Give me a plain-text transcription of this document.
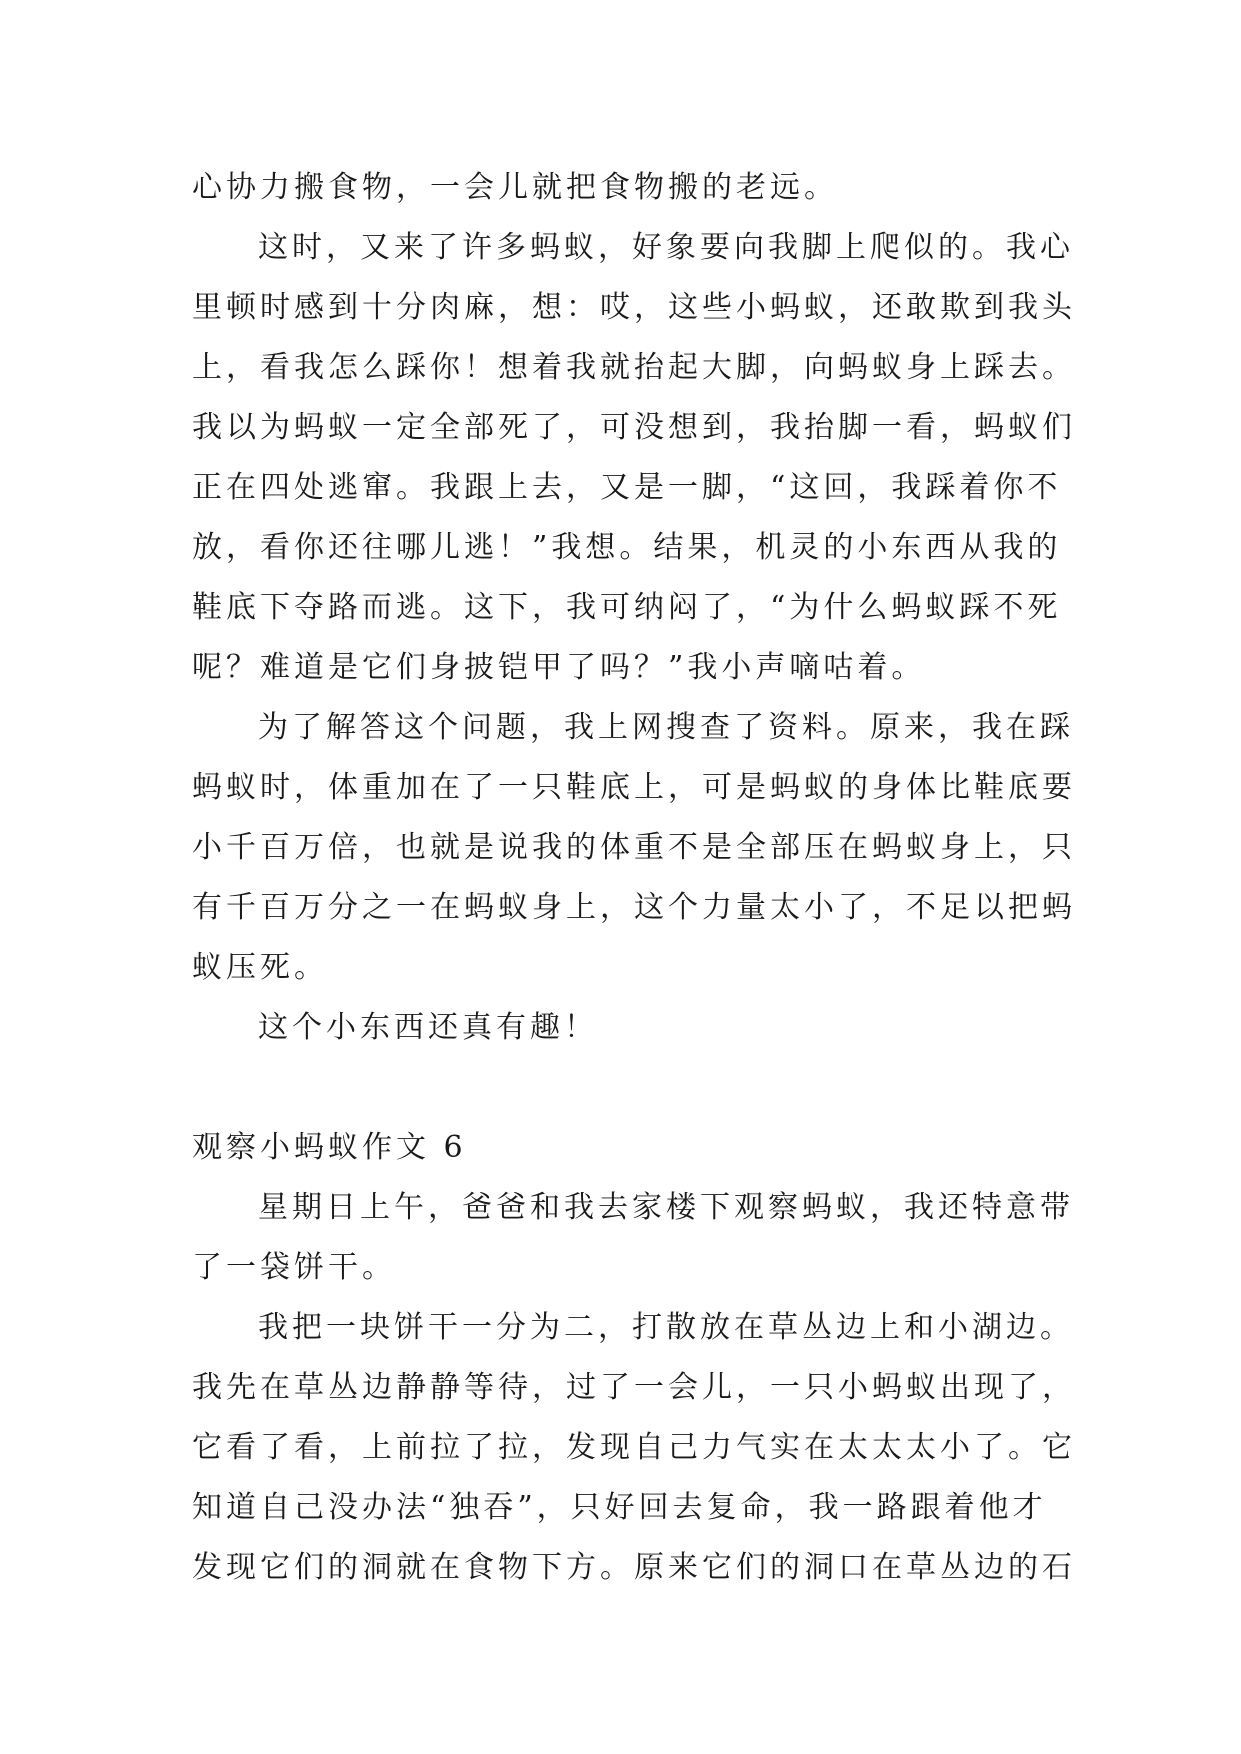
心协力搬食物，一会儿就把食物搬的老远。
这时，又来了许多蚂蚁，好象要向我脚上爬似的。我心
里顿时感到十分肉麻，想：哎，这些小蚂蚁，还敢欺到我头
上，看我怎么踩你！想着我就抬起大脚，向蚂蚁身上踩去。
我以为蚂蚁一定全部死了，可没想到，我抬脚一看，蚂蚁们
正在四处逃窜。我跟上去，又是一脚，“这回，我踩着你不
放，看你还往哪儿逃！”我想。结果，机灵的小东西从我的
鞋底下夺路而逃。这下，我可纳闷了，“为什么蚂蚁踩不死
呢？难道是它们身披铠甲了吗？”我小声嘀咕着。
为了解答这个问题，我上网搜查了资料。原来，我在踩
蚂蚁时，体重加在了一只鞋底上，可是蚂蚁的身体比鞋底要
小千百万倍，也就是说我的体重不是全部压在蚂蚁身上，只
有千百万分之一在蚂蚁身上，这个力量太小了，不足以把蚂
蚁压死。
这个小东西还真有趣！
观察小蚂蚁作文 6
星期日上午，爸爸和我去家楼下观察蚂蚁，我还特意带
了一袋饼干。
我把一块饼干一分为二，打散放在草丛边上和小湖边。
我先在草丛边静静等待，过了一会儿，一只小蚂蚁出现了，
它看了看，上前拉了拉，发现自己力气实在太太太小了。它
知道自己没办法“独吞”，只好回去复命，我一路跟着他才
发现它们的洞就在食物下方。原来它们的洞口在草丛边的石
